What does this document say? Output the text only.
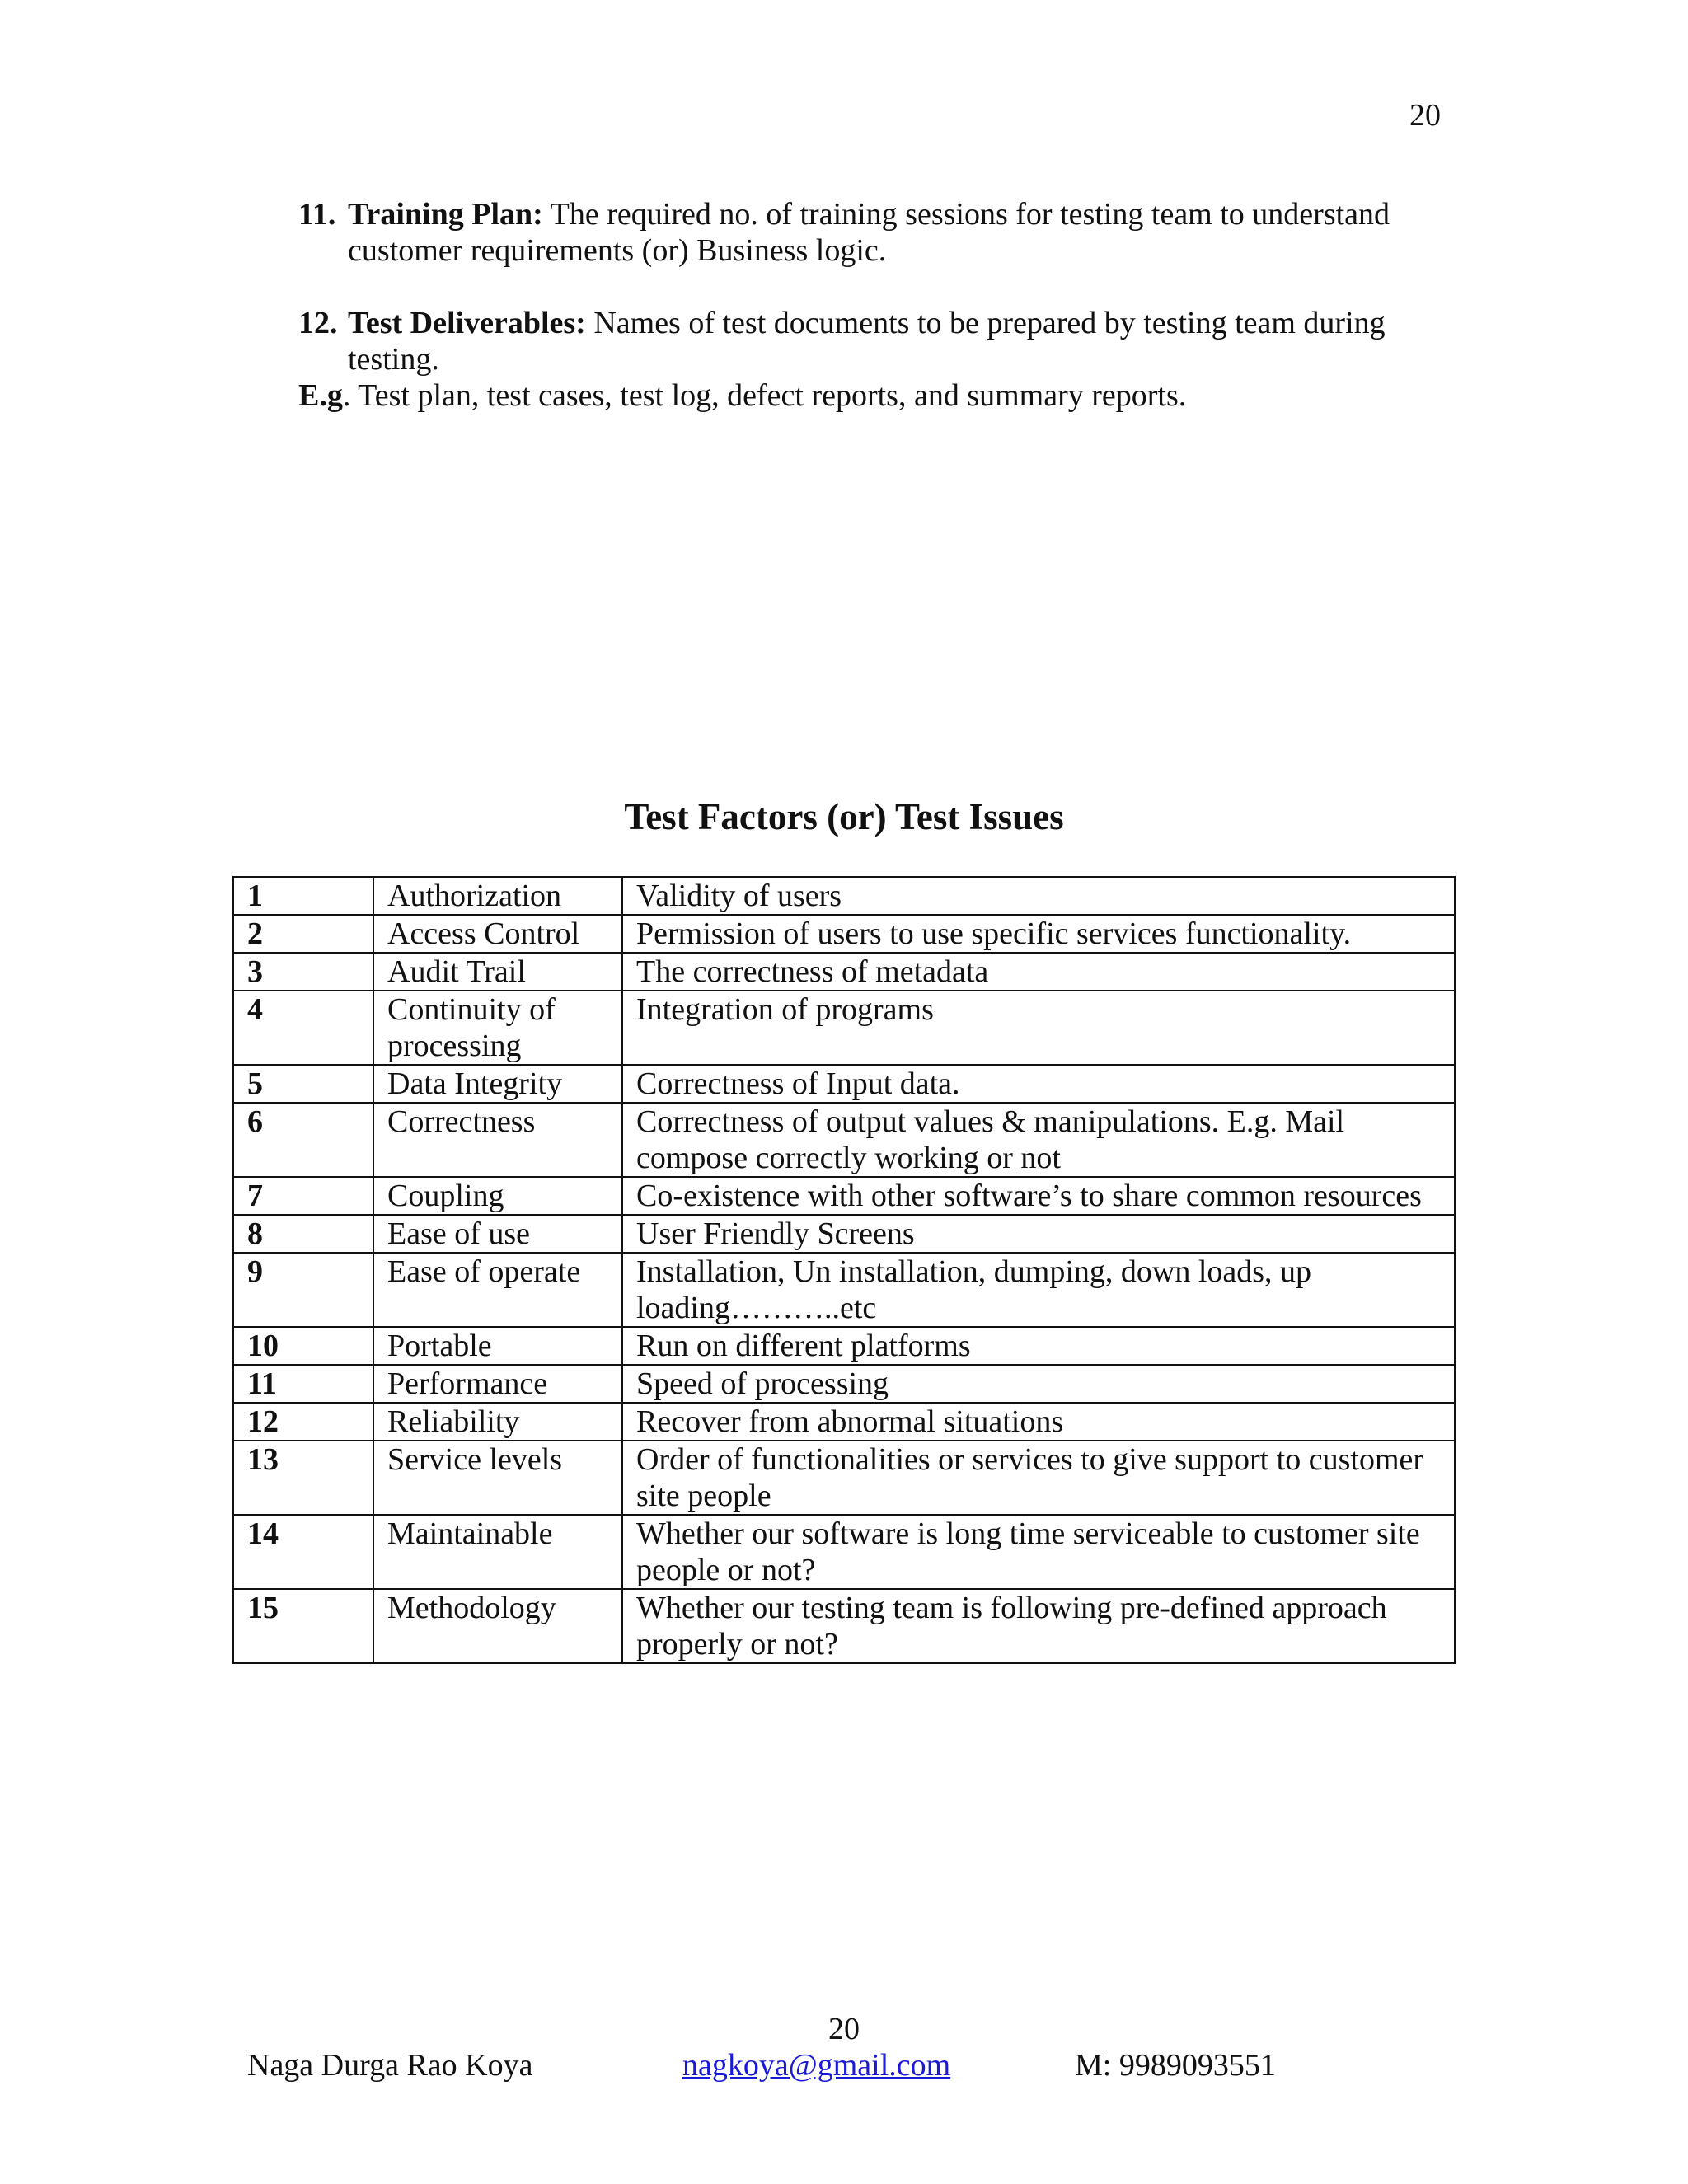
20
11. Training Plan: The required no. of training sessions for testing team to understand customer requirements (or) Business logic.
12. Test Deliverables: Names of test documents to be prepared by testing team during testing.
E.g. Test plan, test cases, test log, defect reports, and summary reports.
Test Factors (or) Test Issues
1	Authorization	Validity of users
2	Access Control	Permission of users to use specific services functionality.
3	Audit Trail	The correctness of metadata
4	Continuity of processing	Integration of programs
5	Data Integrity	Correctness of Input data.
6	Correctness	Correctness of output values & manipulations. E.g. Mail compose correctly working or not
7	Coupling	Co-existence with other software’s to share common resources
8	Ease of use	User Friendly Screens
9	Ease of operate	Installation, Un installation, dumping, down loads, up loading………..etc
10	Portable	Run on different platforms
11	Performance	Speed of processing
12	Reliability	Recover from abnormal situations
13	Service levels	Order of functionalities or services to give support to customer site people
14	Maintainable	Whether our software is long time serviceable to customer site people or not?
15	Methodology	Whether our testing team is following pre-defined approach properly or not?
20
Naga Durga Rao Koya	nagkoya@gmail.com	M: 9989093551
